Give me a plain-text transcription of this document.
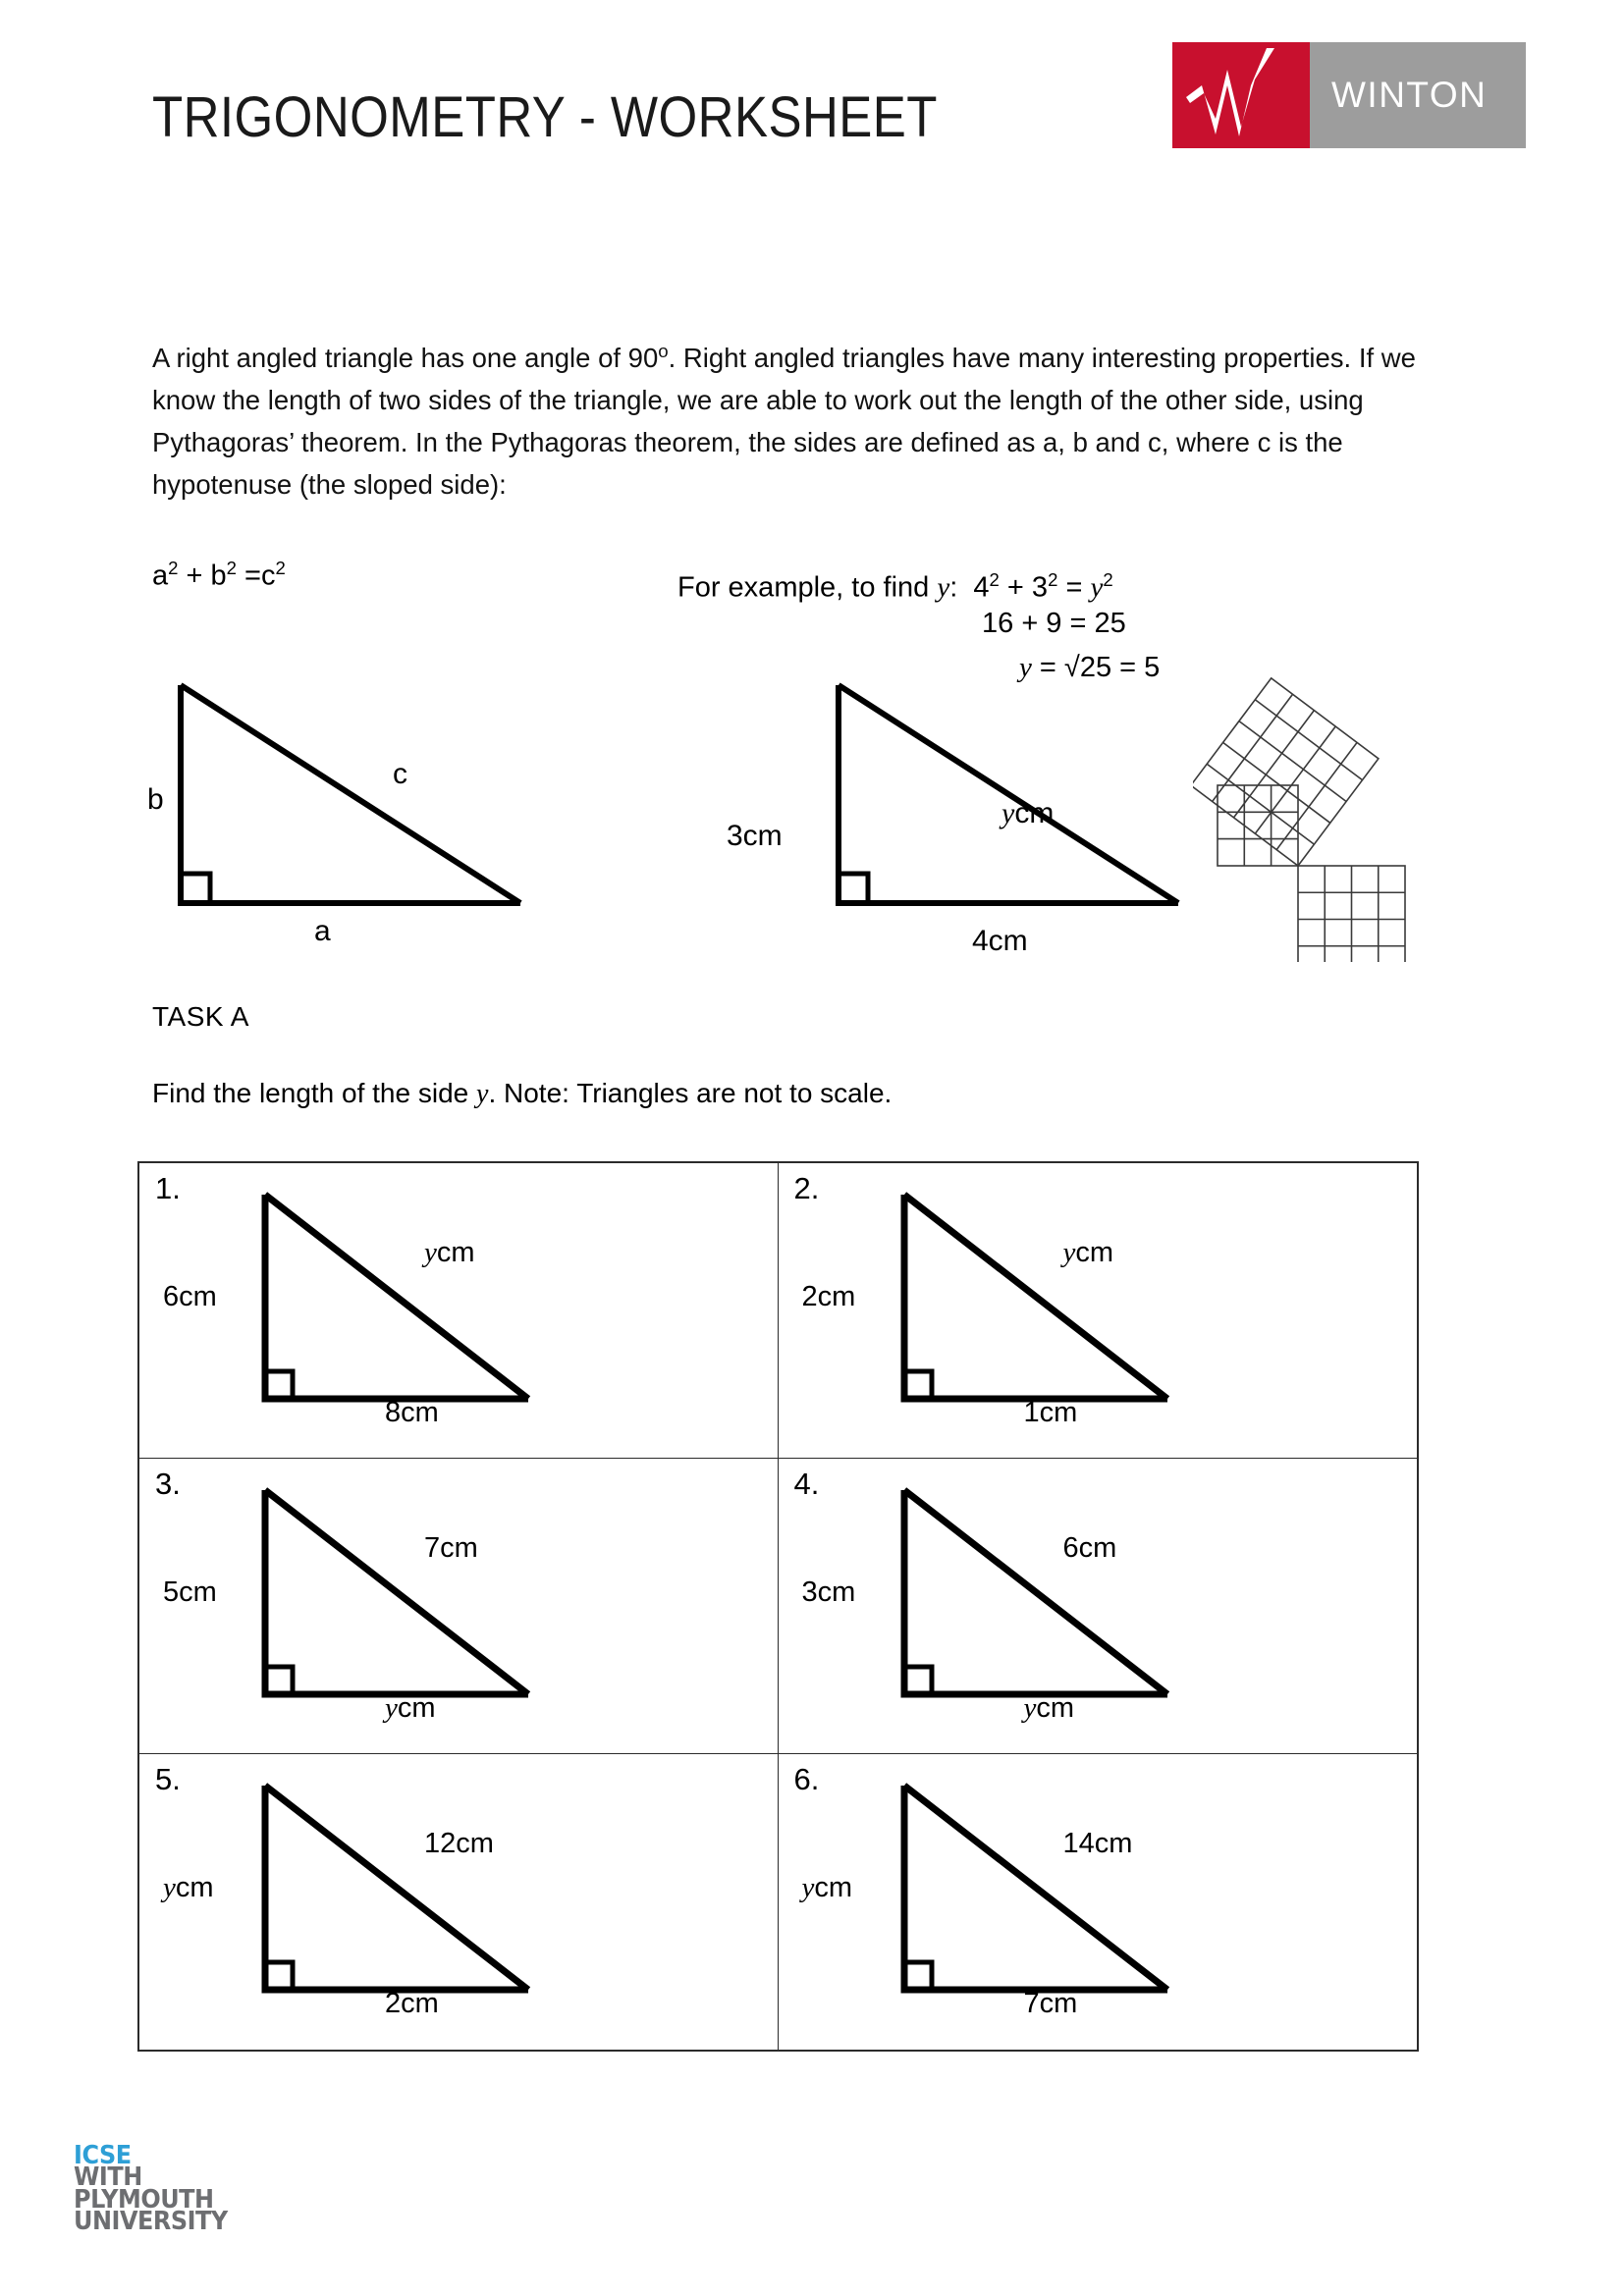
TRIGONOMETRY - WORKSHEET	WINTON
A right angled triangle has one angle of 90$^o$. Right angled triangles have many interesting properties. If we know the length of two sides of the triangle, we are able to work out the length of the other side, using Pythagoras’ theorem. In the Pythagoras theorem, the sides are defined as a, b and c, where c is the hypotenuse (the sloped side):
$a^2 + b^2 =c^2$
For example, to find y: $4^2 + 3^2 = y^2$
16 + 9 = 25
y = √25 = 5
b
c
a
3cm
ycm
4cm
TASK A
Find the length of the side y. Note: Triangles are not to scale.
1.
6cm
ycm
8cm
2.
2cm
ycm
1cm
3.
5cm
7cm
ycm
4.
3cm
6cm
ycm
5.
ycm
12cm
2cm
6.
ycm
14cm
7cm
ICSE
WITH
PLYMOUTH
UNIVERSITY
